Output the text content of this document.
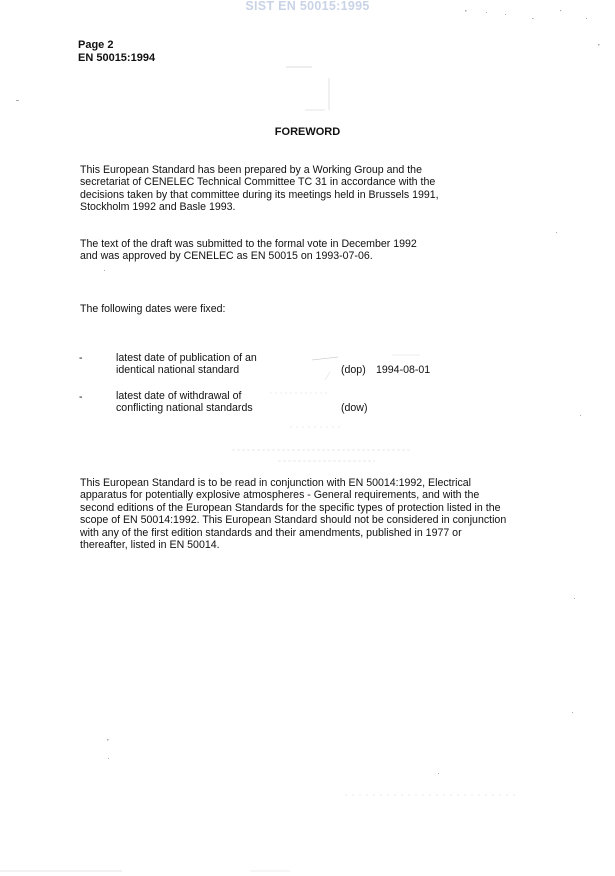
SIST EN 50015:1995
Page 2
EN 50015:1994
FOREWORD
This European Standard has been prepared by a Working Group and the
secretariat of CENELEC Technical Committee TC 31 in accordance with the
decisions taken by that committee during its meetings held in Brussels 1991,
Stockholm 1992 and Basle 1993.
The text of the draft was submitted to the formal vote in December 1992
and was approved by CENELEC as EN 50015 on 1993-07-06.
The following dates were fixed:
-	latest date of publication of an
identical national standard	(dop) 1994-08-01
-	latest date of withdrawal of
conflicting national standards	(dow)
This European Standard is to be read in conjunction with EN 50014:1992, Electrical
apparatus for potentially explosive atmospheres - General requirements, and with the
second editions of the European Standards for the specific types of protection listed in the
scope of EN 50014:1992. This European Standard should not be considered in conjunction
with any of the first edition standards and their amendments, published in 1977 or
thereafter, listed in EN 50014.
